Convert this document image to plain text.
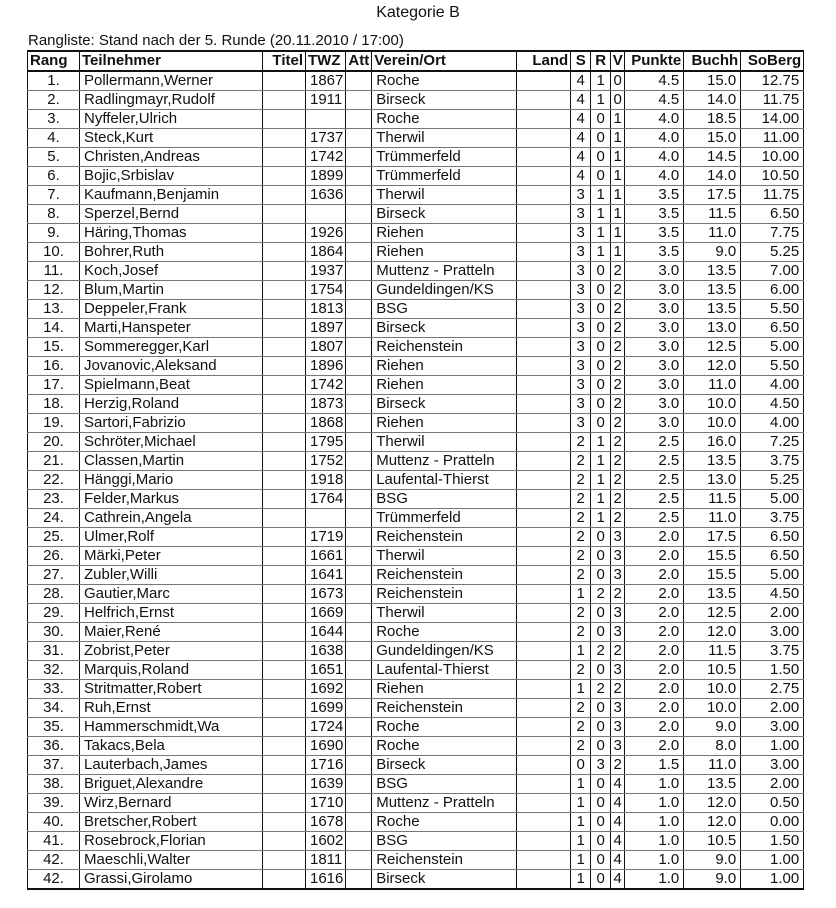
Kategorie B
Rangliste: Stand nach der 5. Runde (20.11.2010 / 17:00)
Rang	Teilnehmer	Titel	TWZ	Att	Verein/Ort	Land	S	R	V	Punkte	Buchh	SoBerg
1.	Pollermann,Werner		1867		Roche		4	1	0	4.5	15.0	12.75
2.	Radlingmayr,Rudolf		1911		Birseck		4	1	0	4.5	14.0	11.75
3.	Nyffeler,Ulrich				Roche		4	0	1	4.0	18.5	14.00
4.	Steck,Kurt		1737		Therwil		4	0	1	4.0	15.0	11.00
5.	Christen,Andreas		1742		Trümmerfeld		4	0	1	4.0	14.5	10.00
6.	Bojic,Srbislav		1899		Trümmerfeld		4	0	1	4.0	14.0	10.50
7.	Kaufmann,Benjamin		1636		Therwil		3	1	1	3.5	17.5	11.75
8.	Sperzel,Bernd				Birseck		3	1	1	3.5	11.5	6.50
9.	Häring,Thomas		1926		Riehen		3	1	1	3.5	11.0	7.75
10.	Bohrer,Ruth		1864		Riehen		3	1	1	3.5	9.0	5.25
11.	Koch,Josef		1937		Muttenz - Pratteln		3	0	2	3.0	13.5	7.00
12.	Blum,Martin		1754		Gundeldingen/KS		3	0	2	3.0	13.5	6.00
13.	Deppeler,Frank		1813		BSG		3	0	2	3.0	13.5	5.50
14.	Marti,Hanspeter		1897		Birseck		3	0	2	3.0	13.0	6.50
15.	Sommeregger,Karl		1807		Reichenstein		3	0	2	3.0	12.5	5.00
16.	Jovanovic,Aleksand		1896		Riehen		3	0	2	3.0	12.0	5.50
17.	Spielmann,Beat		1742		Riehen		3	0	2	3.0	11.0	4.00
18.	Herzig,Roland		1873		Birseck		3	0	2	3.0	10.0	4.50
19.	Sartori,Fabrizio		1868		Riehen		3	0	2	3.0	10.0	4.00
20.	Schröter,Michael		1795		Therwil		2	1	2	2.5	16.0	7.25
21.	Classen,Martin		1752		Muttenz - Pratteln		2	1	2	2.5	13.5	3.75
22.	Hänggi,Mario		1918		Laufental-Thierst		2	1	2	2.5	13.0	5.25
23.	Felder,Markus		1764		BSG		2	1	2	2.5	11.5	5.00
24.	Cathrein,Angela				Trümmerfeld		2	1	2	2.5	11.0	3.75
25.	Ulmer,Rolf		1719		Reichenstein		2	0	3	2.0	17.5	6.50
26.	Märki,Peter		1661		Therwil		2	0	3	2.0	15.5	6.50
27.	Zubler,Willi		1641		Reichenstein		2	0	3	2.0	15.5	5.00
28.	Gautier,Marc		1673		Reichenstein		1	2	2	2.0	13.5	4.50
29.	Helfrich,Ernst		1669		Therwil		2	0	3	2.0	12.5	2.00
30.	Maier,René		1644		Roche		2	0	3	2.0	12.0	3.00
31.	Zobrist,Peter		1638		Gundeldingen/KS		1	2	2	2.0	11.5	3.75
32.	Marquis,Roland		1651		Laufental-Thierst		2	0	3	2.0	10.5	1.50
33.	Stritmatter,Robert		1692		Riehen		1	2	2	2.0	10.0	2.75
34.	Ruh,Ernst		1699		Reichenstein		2	0	3	2.0	10.0	2.00
35.	Hammerschmidt,Wa		1724		Roche		2	0	3	2.0	9.0	3.00
36.	Takacs,Bela		1690		Roche		2	0	3	2.0	8.0	1.00
37.	Lauterbach,James		1716		Birseck		0	3	2	1.5	11.0	3.00
38.	Briguet,Alexandre		1639		BSG		1	0	4	1.0	13.5	2.00
39.	Wirz,Bernard		1710		Muttenz - Pratteln		1	0	4	1.0	12.0	0.50
40.	Bretscher,Robert		1678		Roche		1	0	4	1.0	12.0	0.00
41.	Rosebrock,Florian		1602		BSG		1	0	4	1.0	10.5	1.50
42.	Maeschli,Walter		1811		Reichenstein		1	0	4	1.0	9.0	1.00
42.	Grassi,Girolamo		1616		Birseck		1	0	4	1.0	9.0	1.00
